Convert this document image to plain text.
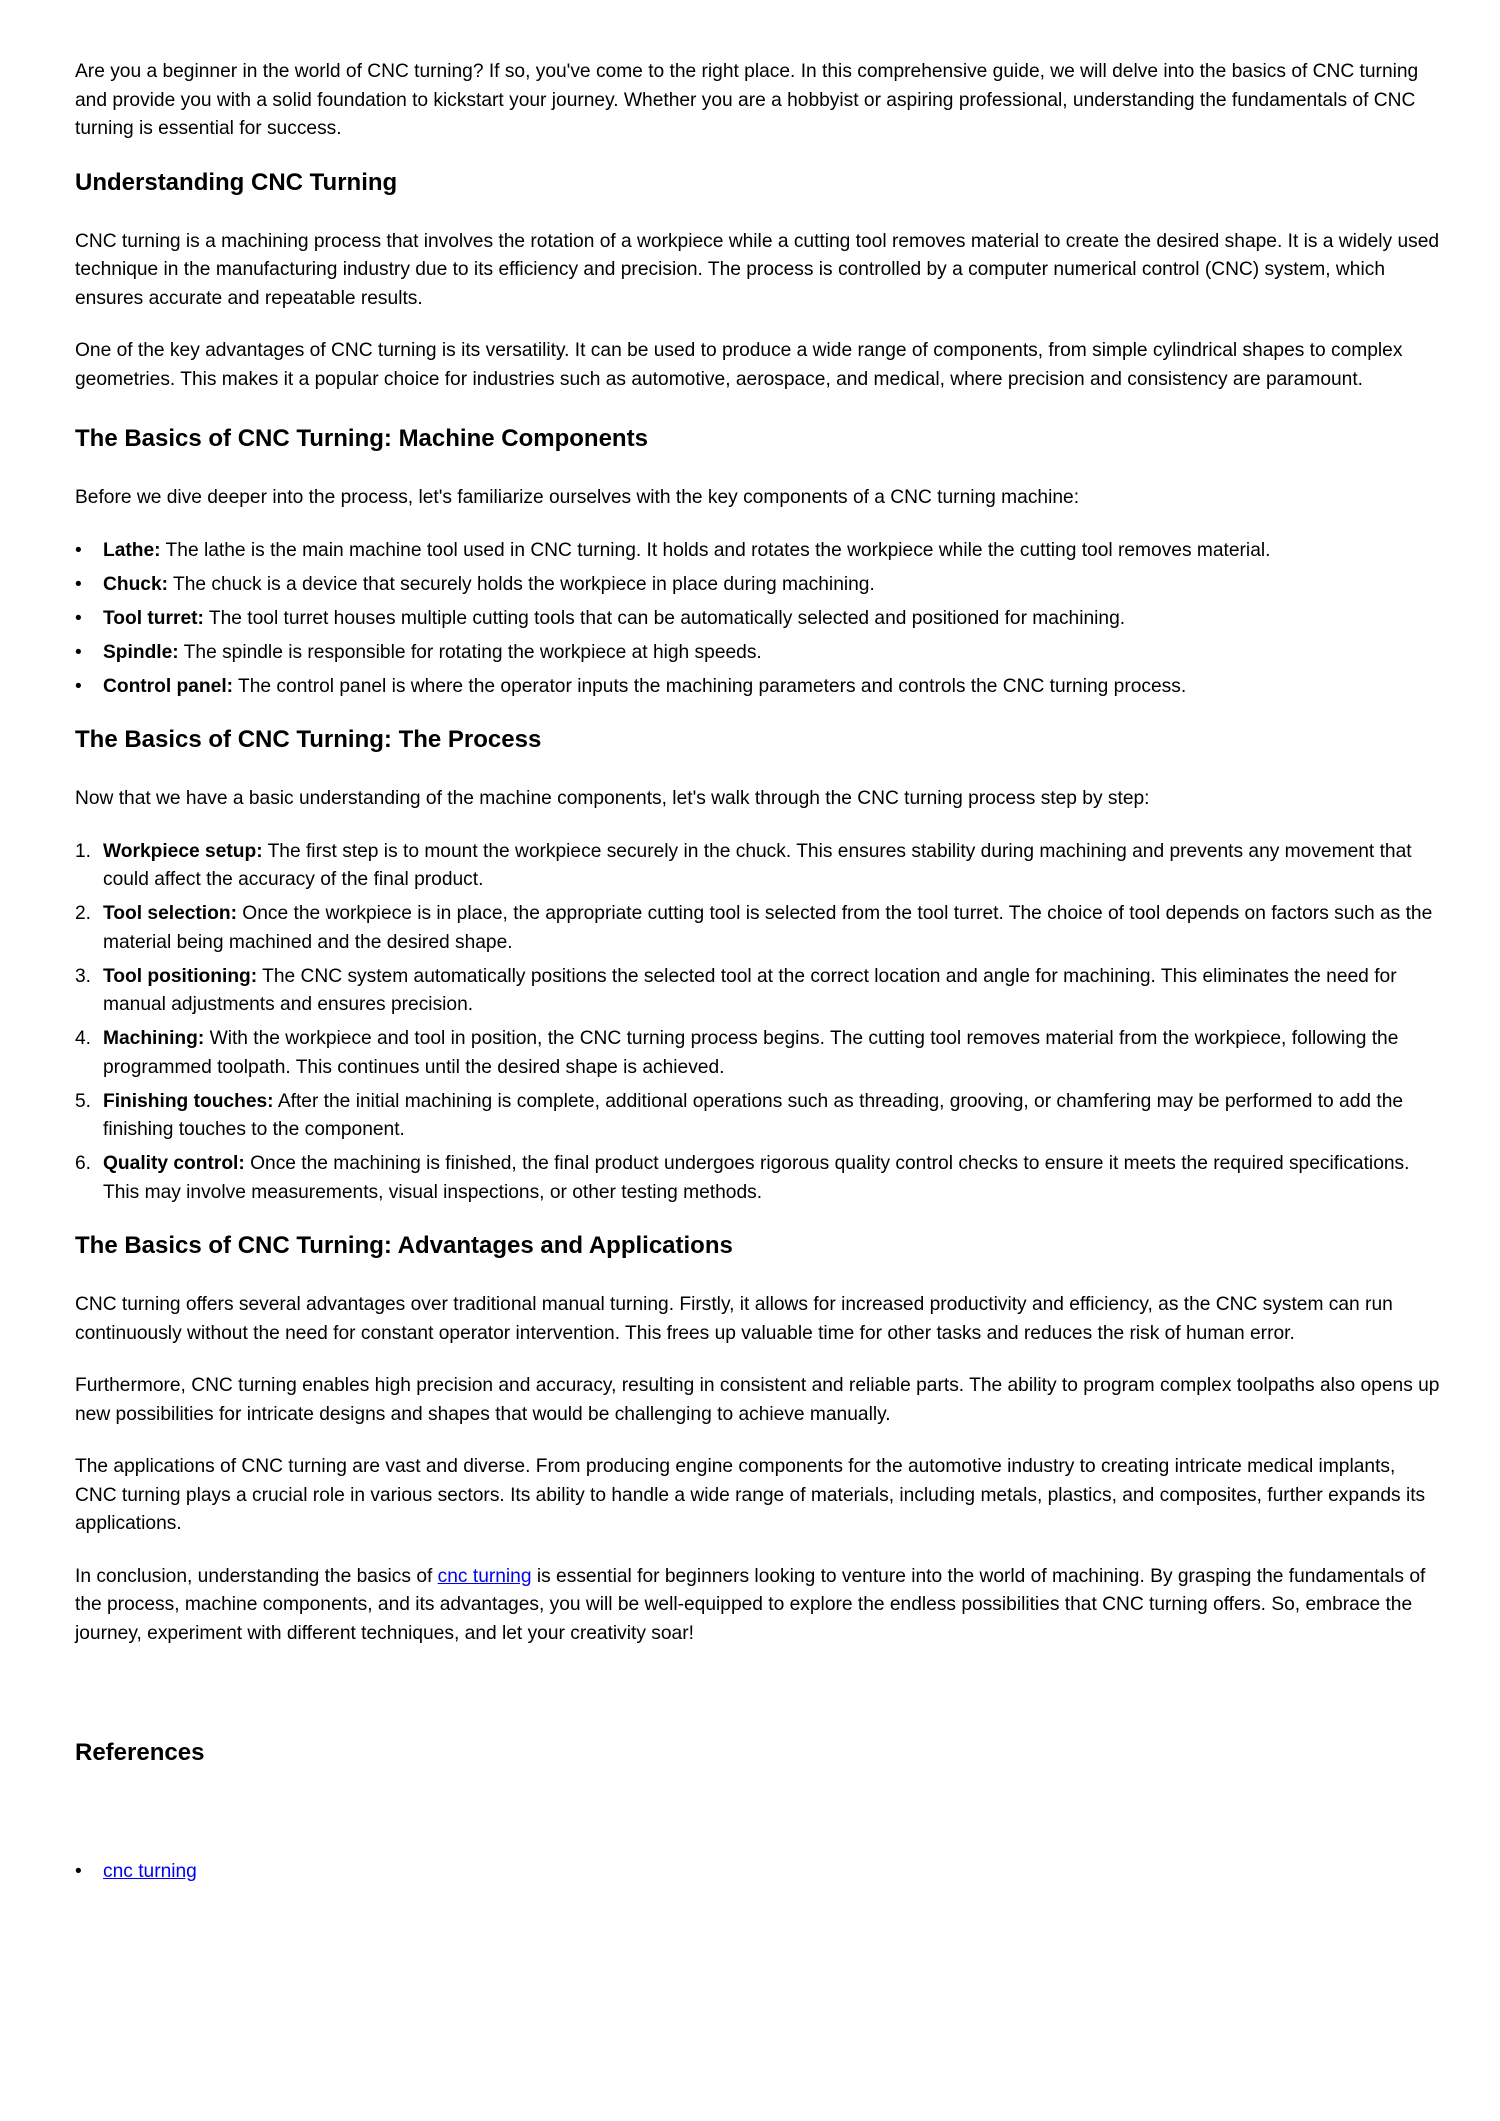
Are you a beginner in the world of CNC turning? If so, you've come to the right place. In this comprehensive guide, we will delve into the basics of CNC turning and provide you with a solid foundation to kickstart your journey. Whether you are a hobbyist or aspiring professional, understanding the fundamentals of CNC turning is essential for success.

Understanding CNC Turning

CNC turning is a machining process that involves the rotation of a workpiece while a cutting tool removes material to create the desired shape. It is a widely used technique in the manufacturing industry due to its efficiency and precision. The process is controlled by a computer numerical control (CNC) system, which ensures accurate and repeatable results.

One of the key advantages of CNC turning is its versatility. It can be used to produce a wide range of components, from simple cylindrical shapes to complex geometries. This makes it a popular choice for industries such as automotive, aerospace, and medical, where precision and consistency are paramount.

The Basics of CNC Turning: Machine Components

Before we dive deeper into the process, let's familiarize ourselves with the key components of a CNC turning machine:

• Lathe: The lathe is the main machine tool used in CNC turning. It holds and rotates the workpiece while the cutting tool removes material.
• Chuck: The chuck is a device that securely holds the workpiece in place during machining.
• Tool turret: The tool turret houses multiple cutting tools that can be automatically selected and positioned for machining.
• Spindle: The spindle is responsible for rotating the workpiece at high speeds.
• Control panel: The control panel is where the operator inputs the machining parameters and controls the CNC turning process.
The Basics of CNC Turning: The Process

Now that we have a basic understanding of the machine components, let's walk through the CNC turning process step by step:

1. Workpiece setup: The first step is to mount the workpiece securely in the chuck. This ensures stability during machining and prevents any movement that could affect the accuracy of the final product.
2. Tool selection: Once the workpiece is in place, the appropriate cutting tool is selected from the tool turret. The choice of tool depends on factors such as the material being machined and the desired shape.
3. Tool positioning: The CNC system automatically positions the selected tool at the correct location and angle for machining. This eliminates the need for manual adjustments and ensures precision.
4. Machining: With the workpiece and tool in position, the CNC turning process begins. The cutting tool removes material from the workpiece, following the programmed toolpath. This continues until the desired shape is achieved.
5. Finishing touches: After the initial machining is complete, additional operations such as threading, grooving, or chamfering may be performed to add the finishing touches to the component.
6. Quality control: Once the machining is finished, the final product undergoes rigorous quality control checks to ensure it meets the required specifications. This may involve measurements, visual inspections, or other testing methods.
The Basics of CNC Turning: Advantages and Applications

CNC turning offers several advantages over traditional manual turning. Firstly, it allows for increased productivity and efficiency, as the CNC system can run continuously without the need for constant operator intervention. This frees up valuable time for other tasks and reduces the risk of human error.

Furthermore, CNC turning enables high precision and accuracy, resulting in consistent and reliable parts. The ability to program complex toolpaths also opens up new possibilities for intricate designs and shapes that would be challenging to achieve manually.

The applications of CNC turning are vast and diverse. From producing engine components for the automotive industry to creating intricate medical implants, CNC turning plays a crucial role in various sectors. Its ability to handle a wide range of materials, including metals, plastics, and composites, further expands its applications.

In conclusion, understanding the basics of cnc turning is essential for beginners looking to venture into the world of machining. By grasping the fundamentals of the process, machine components, and its advantages, you will be well-equipped to explore the endless possibilities that CNC turning offers. So, embrace the journey, experiment with different techniques, and let your creativity soar!

References
• cnc turning
